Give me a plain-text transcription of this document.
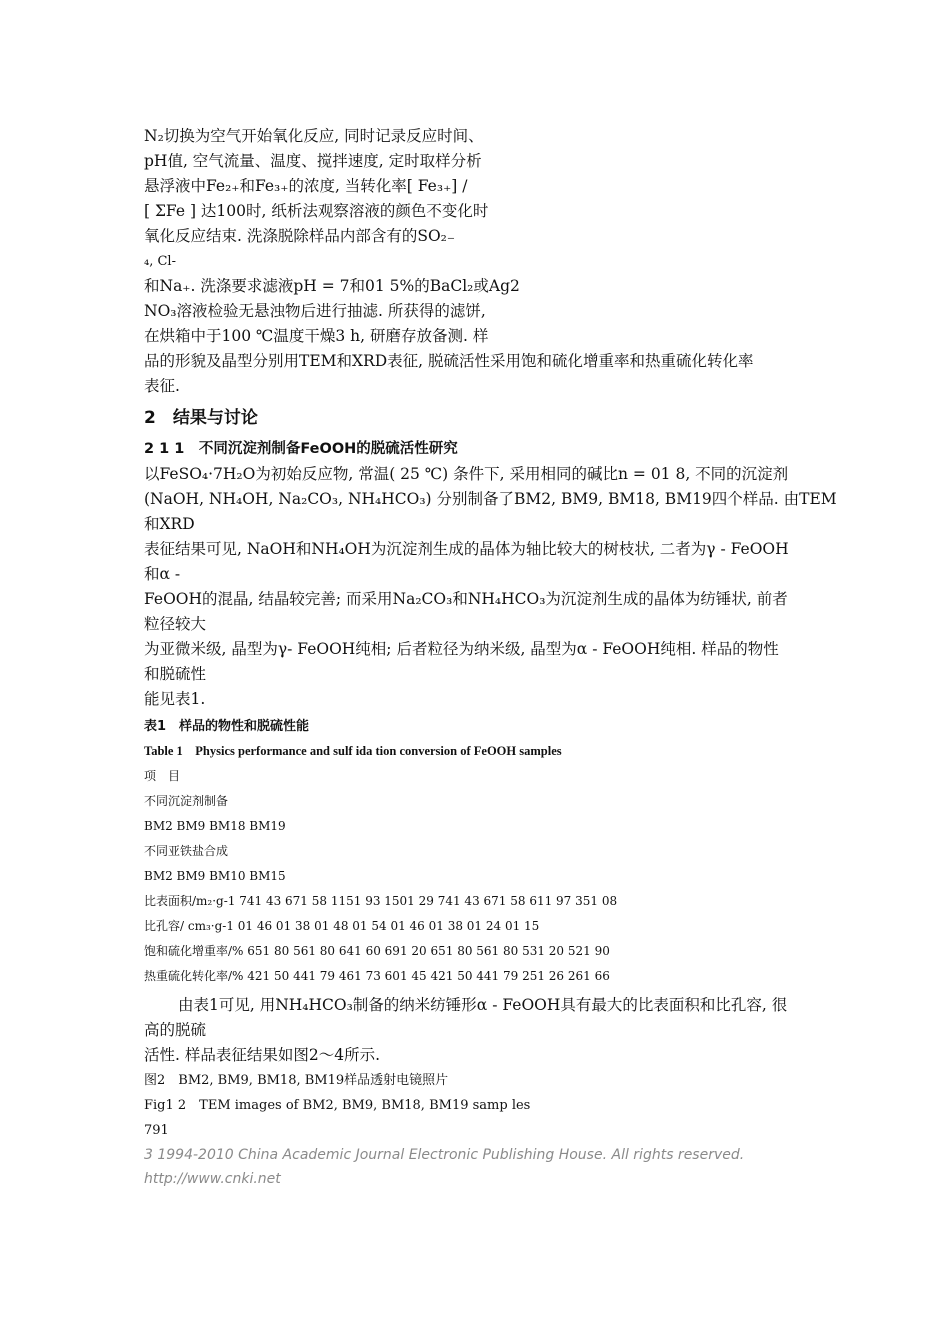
N₂切换为空气开始氧化反应, 同时记录反应时间、
pH值, 空气流量、温度、搅拌速度, 定时取样分析
悬浮液中Fe₂₊和Fe₃₊的浓度, 当转化率[ Fe₃₊] /
[ ΣFe ] 达100时, 纸析法观察溶液的颜色不变化时
氧化反应结束. 洗涤脱除样品内部含有的SO₂₋
₄, Cl-
和Na₊. 洗涤要求滤液pH = 7和01 5%的BaCl₂或Ag2
NO₃溶液检验无悬浊物后进行抽滤. 所获得的滤饼,
在烘箱中于100 ℃温度干燥3 h, 研磨存放备测. 样
品的形貌及晶型分别用TEM和XRD表征, 脱硫活性采用饱和硫化增重率和热重硫化转化率
表征.
2　结果与讨论
2 1 1　不同沉淀剂制备FeOOH的脱硫活性研究
以FeSO₄·7H₂O为初始反应物, 常温( 25 ℃) 条件下, 采用相同的碱比n = 01 8, 不同的沉淀剂
(NaOH, NH₄OH, Na₂CO₃, NH₄HCO₃) 分别制备了BM2, BM9, BM18, BM19四个样品. 由TEM
和XRD
表征结果可见, NaOH和NH₄OH为沉淀剂生成的晶体为轴比较大的树枝状, 二者为γ - FeOOH
和α -
FeOOH的混晶, 结晶较完善; 而采用Na₂CO₃和NH₄HCO₃为沉淀剂生成的晶体为纺锤状, 前者
粒径较大
为亚微米级, 晶型为γ- FeOOH纯相; 后者粒径为纳米级, 晶型为α - FeOOH纯相. 样品的物性
和脱硫性
能见表1.
表1　样品的物性和脱硫性能
Table 1　Physics performance and sulf ida tion conversion of FeOOH samples
项　目
不同沉淀剂制备
BM2 BM9 BM18 BM19
不同亚铁盐合成
BM2 BM9 BM10 BM15
比表面积/m₂·g-1 741 43 671 58 1151 93 1501 29 741 43 671 58 611 97 351 08
比孔容/ cm₃·g-1 01 46 01 38 01 48 01 54 01 46 01 38 01 24 01 15
饱和硫化增重率/% 651 80 561 80 641 60 691 20 651 80 561 80 531 20 521 90
热重硫化转化率/% 421 50 441 79 461 73 601 45 421 50 441 79 251 26 261 66
由表1可见, 用NH₄HCO₃制备的纳米纺锤形α - FeOOH具有最大的比表面积和比孔容, 很
高的脱硫
活性. 样品表征结果如图2～4所示.
图2　BM2, BM9, BM18, BM19样品透射电镜照片
Fig1 2　TEM images of BM2, BM9, BM18, BM19 samp les
791
3 1994-2010 China Academic Journal Electronic Publishing House. All rights reserved.
http://www.cnki.net
